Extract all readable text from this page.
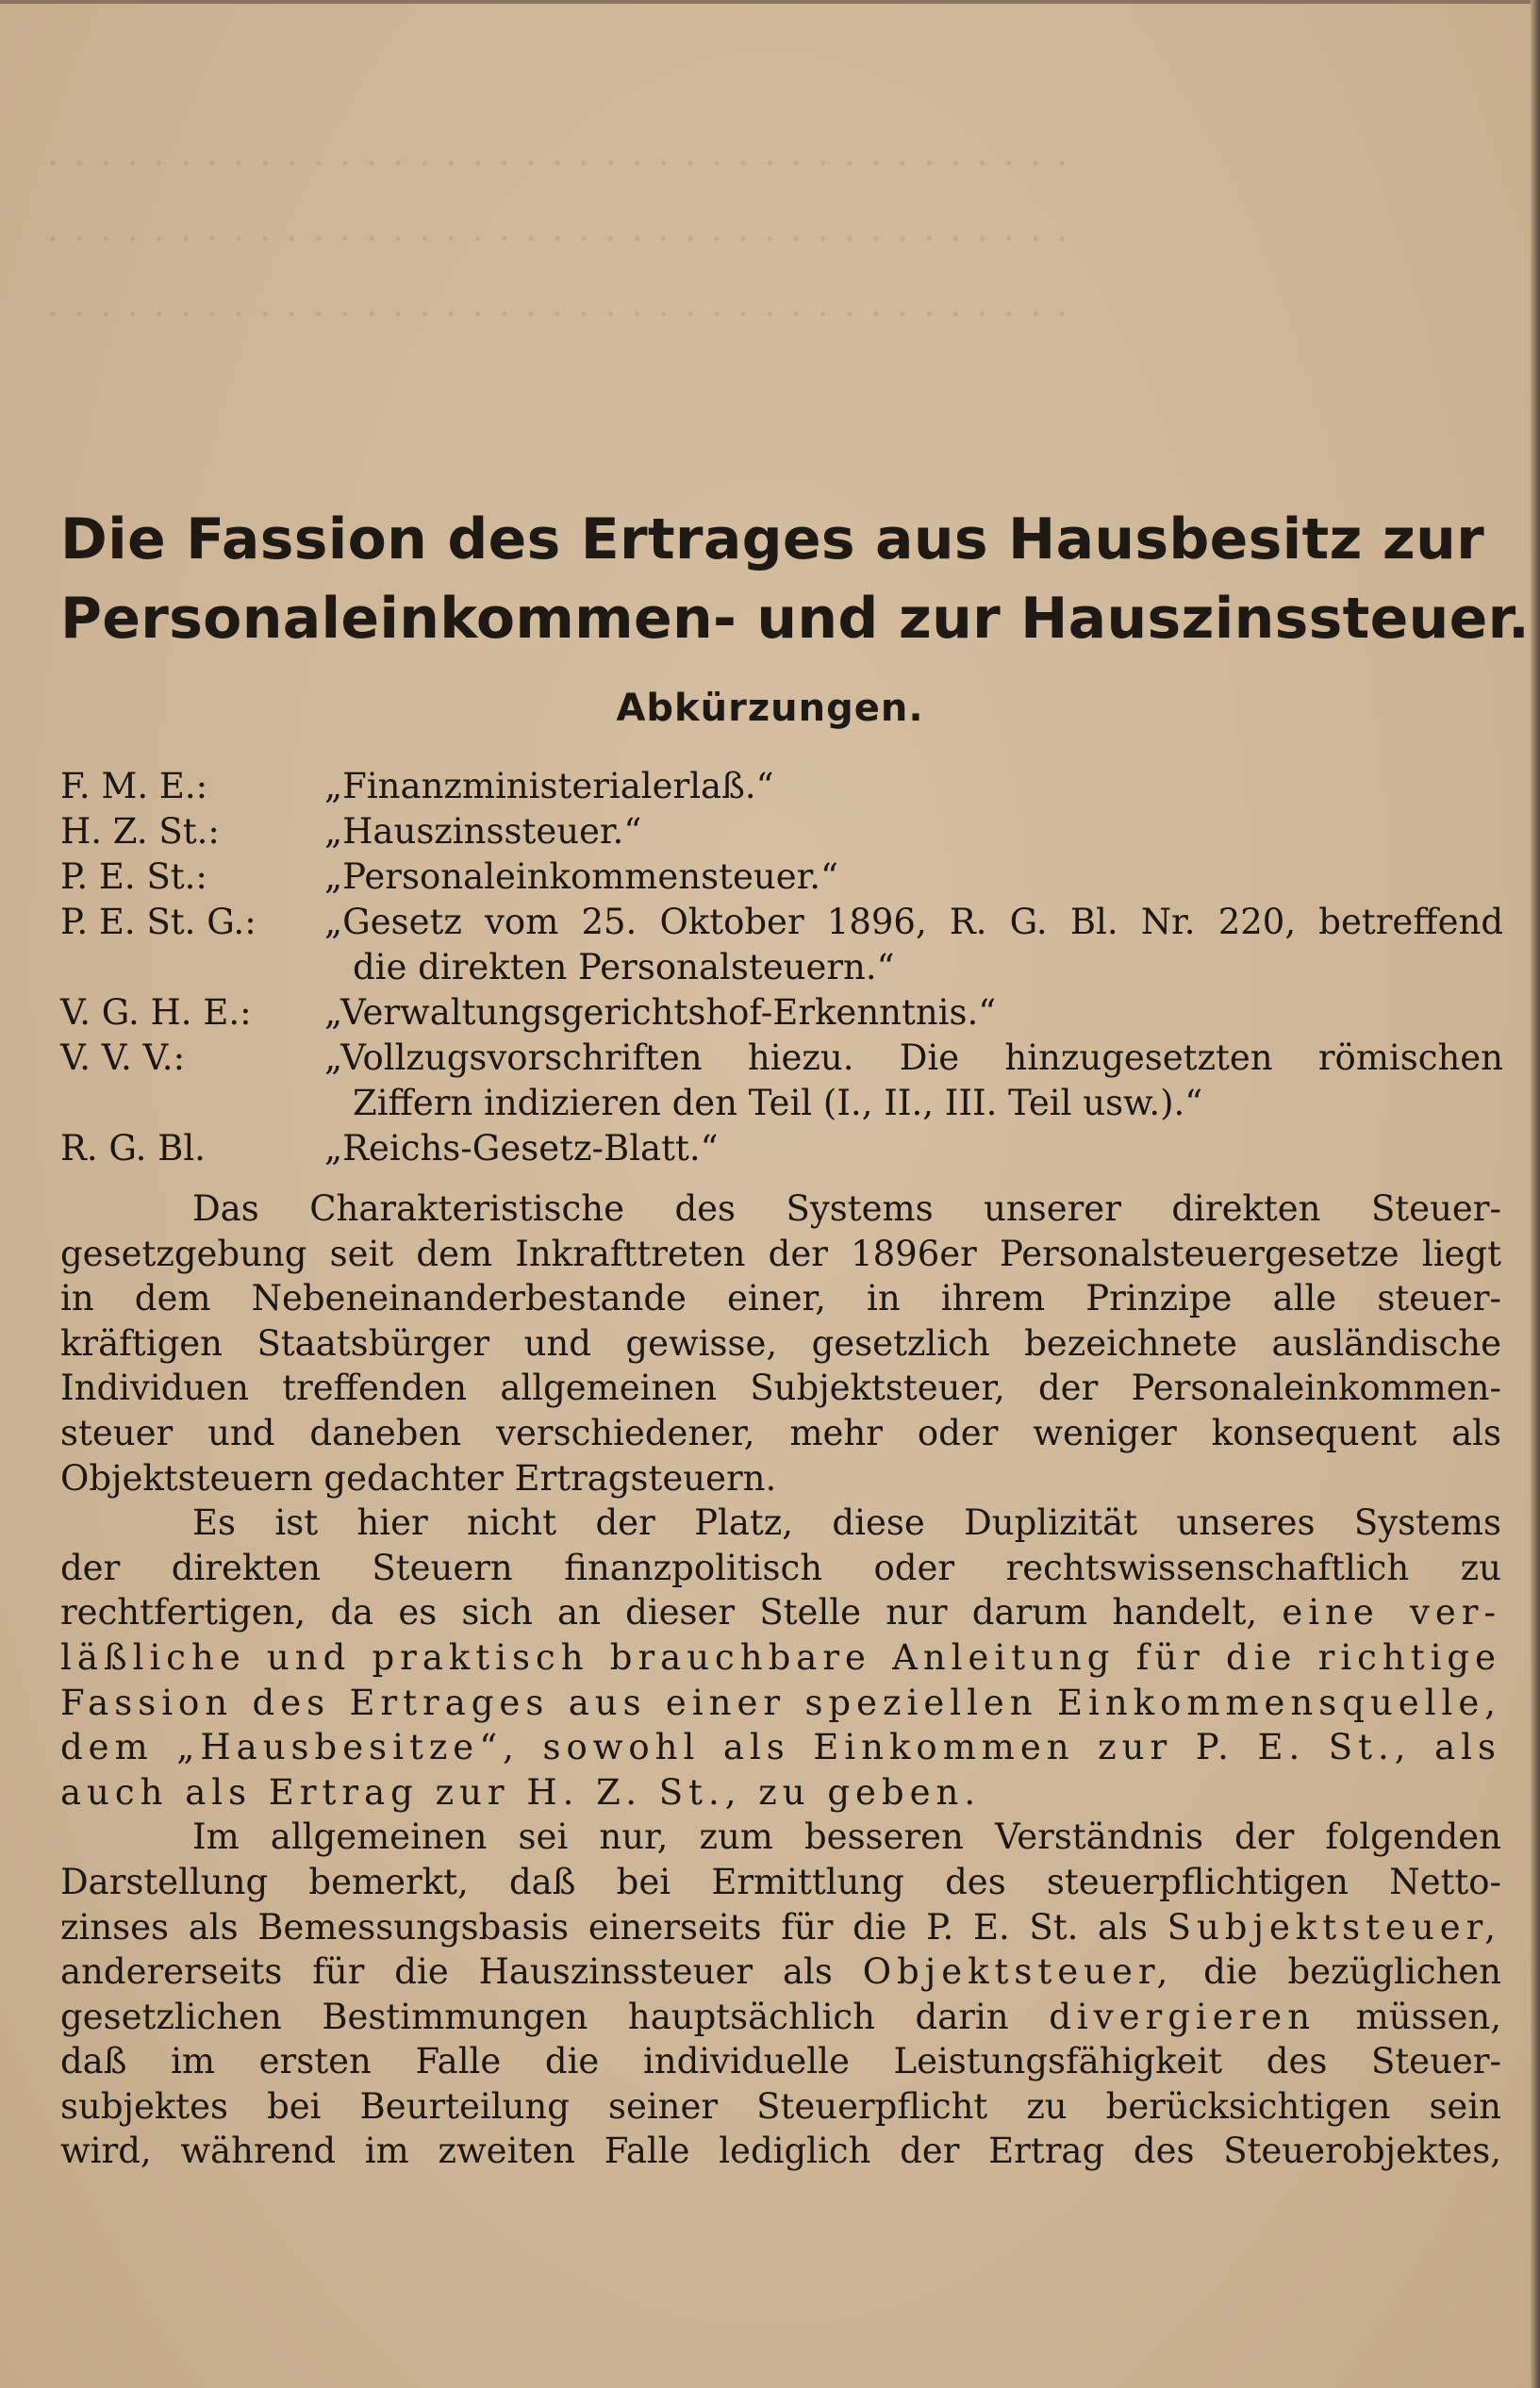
. . . . . . . . . . . . . . . . . . . . . . . . . . . . . . . . . . . . . . .
. . . . . . . . . . . . . . . . . . . . . . . . . . . . . . . . . . . . . . .
. . . . . . . . . . . . . . . . . . . . . . . . . . . . . . . . . . . . . . .
Die Fassion des Ertrages aus Hausbesitz zur
Personaleinkommen- und zur Hauszinssteuer.
Abkürzungen.
F. M. E.:	„Finanzministerialerlaß.“
H. Z. St.:	„Hauszinssteuer.“
P. E. St.:	„Personaleinkommensteuer.“
P. E. St. G.:	„Gesetz vom 25. Oktober 1896, R. G. Bl. Nr. 220, betreffend
die direkten Personalsteuern.“
V. G. H. E.:	„Verwaltungsgerichtshof-Erkenntnis.“
V. V. V.:	„Vollzugsvorschriften hiezu. Die hinzugesetzten römischen
Ziffern indizieren den Teil (I., II., III. Teil usw.).“
R. G. Bl.	„Reichs-Gesetz-Blatt.“
Das Charakteristische des Systems unserer direkten Steuer-
gesetzgebung seit dem Inkrafttreten der 1896er Personalsteuergesetze liegt
in dem Nebeneinanderbestande einer, in ihrem Prinzipe alle steuer-
kräftigen Staatsbürger und gewisse, gesetzlich bezeichnete ausländische
Individuen treffenden allgemeinen Subjektsteuer, der Personaleinkommen-
steuer und daneben verschiedener, mehr oder weniger konsequent als
Objektsteuern gedachter Ertragsteuern.
Es ist hier nicht der Platz, diese Duplizität unseres Systems
der direkten Steuern finanzpolitisch oder rechtswissenschaftlich zu
rechtfertigen, da es sich an dieser Stelle nur darum handelt, eine ver-
läßliche und praktisch brauchbare Anleitung für die richtige
Fassion des Ertrages aus einer speziellen Einkommensquelle,
dem „Hausbesitze“, sowohl als Einkommen zur P. E. St., als
auch als Ertrag zur H. Z. St., zu geben.
Im allgemeinen sei nur, zum besseren Verständnis der folgenden
Darstellung bemerkt, daß bei Ermittlung des steuerpflichtigen Netto-
zinses als Bemessungsbasis einerseits für die P. E. St. als Subjektsteuer,
andererseits für die Hauszinssteuer als Objektsteuer, die bezüglichen
gesetzlichen Bestimmungen hauptsächlich darin divergieren müssen,
daß im ersten Falle die individuelle Leistungsfähigkeit des Steuer-
subjektes bei Beurteilung seiner Steuerpflicht zu berücksichtigen sein
wird, während im zweiten Falle lediglich der Ertrag des Steuerobjektes,
